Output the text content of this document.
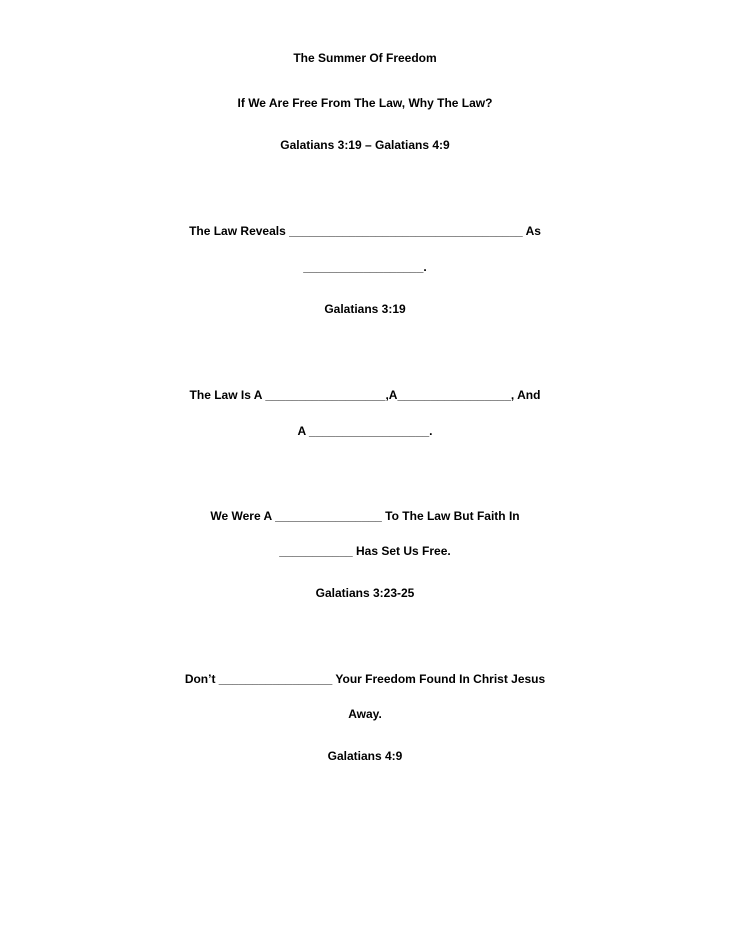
The Summer Of Freedom
If We Are Free From The Law, Why The Law?
Galatians 3:19 – Galatians 4:9
The Law Reveals ___________________________________ As
__________________.
Galatians 3:19
The Law Is A __________________,A_________________, And
A __________________.
We Were A ________________ To The Law But Faith In
___________ Has Set Us Free.
Galatians 3:23-25
Don’t _________________ Your Freedom Found In Christ Jesus
Away.
Galatians 4:9
